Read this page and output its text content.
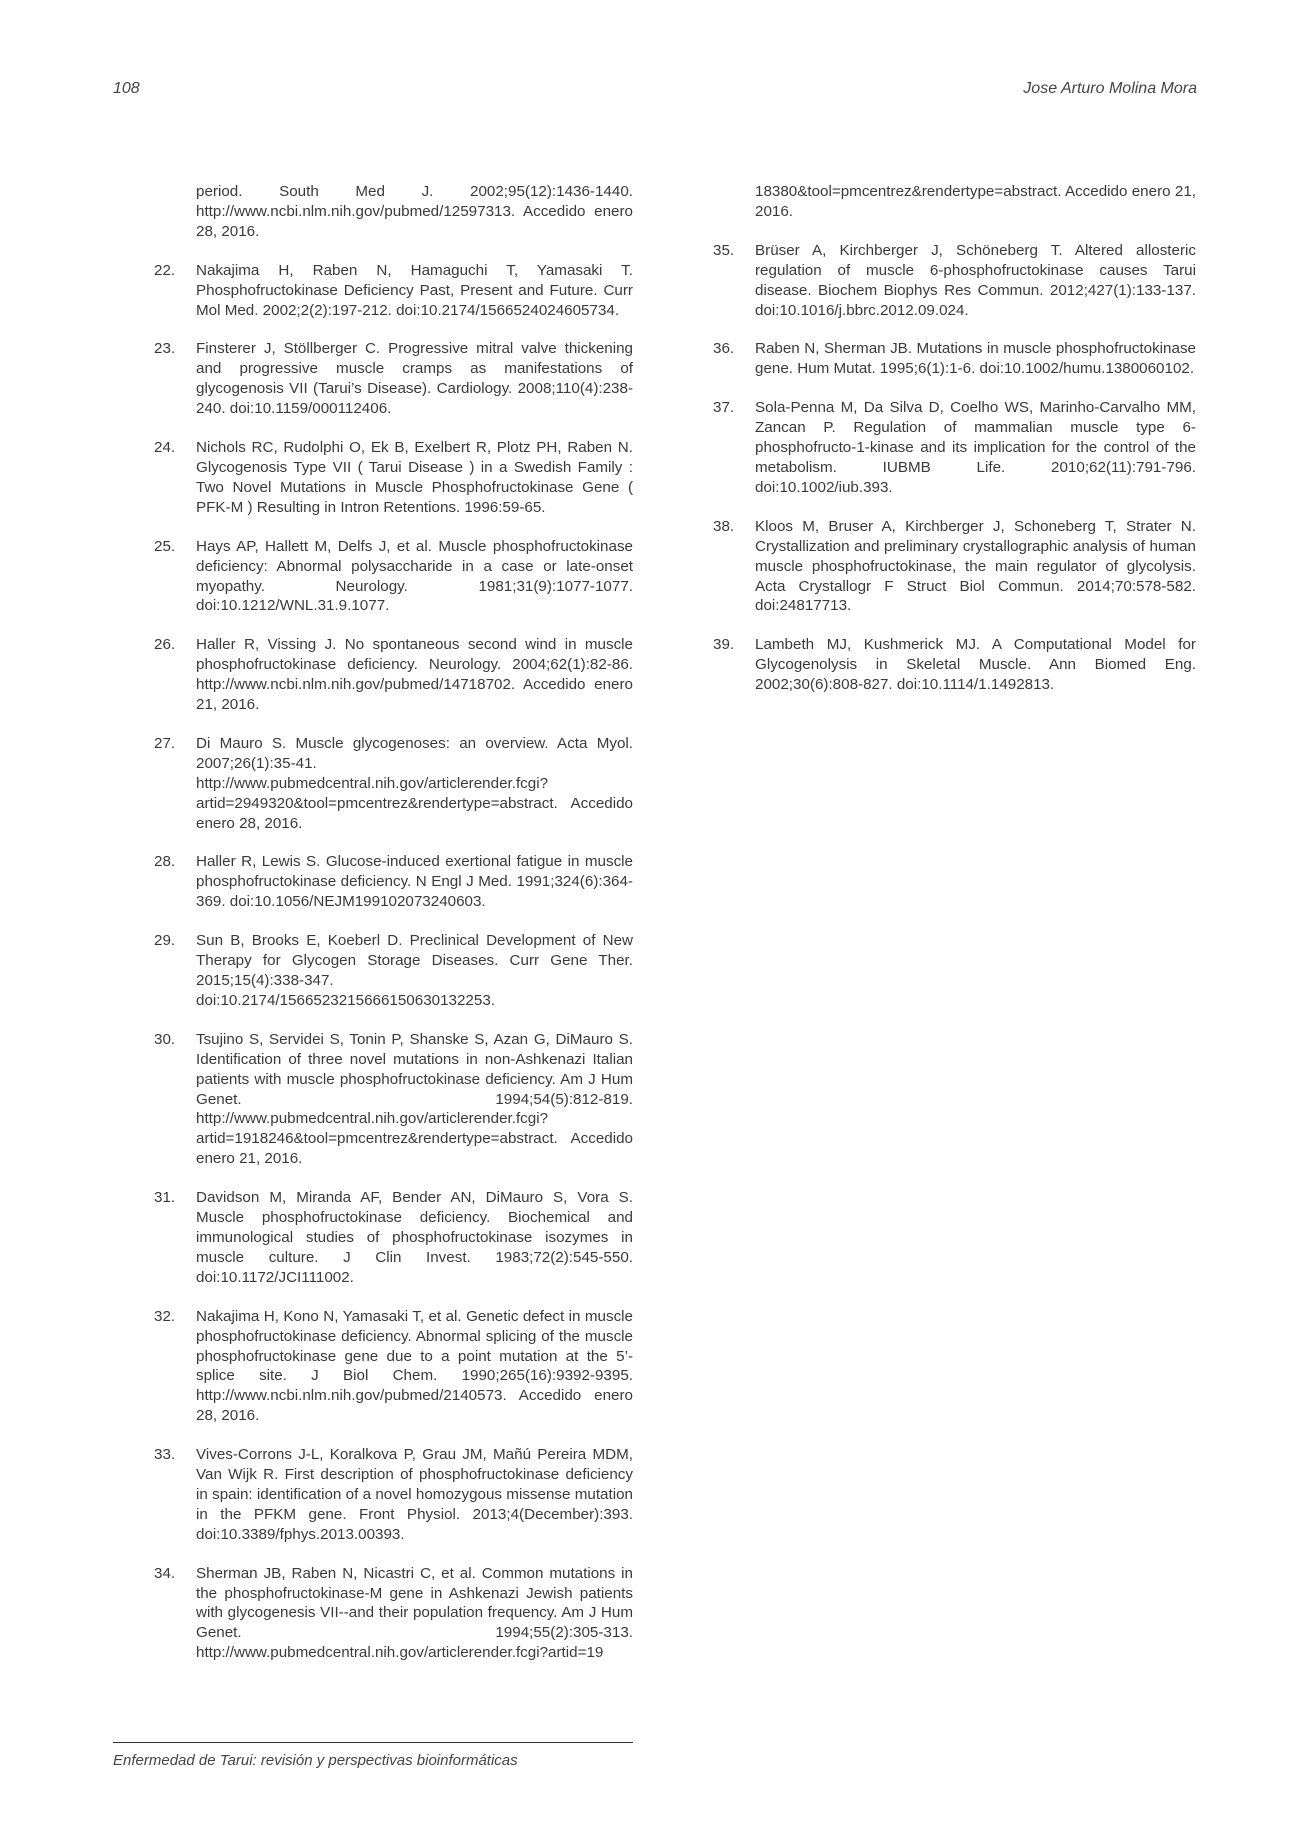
108	Jose Arturo Molina Mora
period. South Med J. 2002;95(12):1436-1440. http://www.ncbi.nlm.nih.gov/pubmed/12597313. Accedido enero 28, 2016.
22.	Nakajima H, Raben N, Hamaguchi T, Yamasaki T. Phosphofructokinase Deficiency Past, Present and Future. Curr Mol Med. 2002;2(2):197-212. doi:10.2174/1566524024605734.
23.	Finsterer J, Stöllberger C. Progressive mitral valve thickening and progressive muscle cramps as manifestations of glycogenosis VII (Tarui’s Disease). Cardiology. 2008;110(4):238-240. doi:10.1159/000112406.
24.	Nichols RC, Rudolphi O, Ek B, Exelbert R, Plotz PH, Raben N. Glycogenosis Type VII ( Tarui Disease ) in a Swedish Family : Two Novel Mutations in Muscle Phosphofructokinase Gene ( PFK-M ) Resulting in Intron Retentions. 1996:59-65.
25.	Hays AP, Hallett M, Delfs J, et al. Muscle phosphofructokinase deficiency: Abnormal polysaccharide in a case or late-onset myopathy. Neurology. 1981;31(9):1077-1077. doi:10.1212/WNL.31.9.1077.
26.	Haller R, Vissing J. No spontaneous second wind in muscle phosphofructokinase deficiency. Neurology. 2004;62(1):82-86. http://www.ncbi.nlm.nih.gov/pubmed/14718702. Accedido enero 21, 2016.
27.	Di Mauro S. Muscle glycogenoses: an overview. Acta Myol. 2007;26(1):35-41. http://www.pubmedcentral.nih.gov/articlerender.fcgi?artid=2949320&tool=pmcentrez&rendertype=abstract. Accedido enero 28, 2016.
28.	Haller R, Lewis S. Glucose-induced exertional fatigue in muscle phosphofructokinase deficiency. N Engl J Med. 1991;324(6):364-369. doi:10.1056/NEJM199102073240603.
29.	Sun B, Brooks E, Koeberl D. Preclinical Development of New Therapy for Glycogen Storage Diseases. Curr Gene Ther. 2015;15(4):338-347. doi:10.2174/1566523215666150630132253.
30.	Tsujino S, Servidei S, Tonin P, Shanske S, Azan G, DiMauro S. Identification of three novel mutations in non-Ashkenazi Italian patients with muscle phosphofructokinase deficiency. Am J Hum Genet. 1994;54(5):812-819. http://www.pubmedcentral.nih.gov/articlerender.fcgi?artid=1918246&tool=pmcentrez&rendertype=abstract. Accedido enero 21, 2016.
31.	Davidson M, Miranda AF, Bender AN, DiMauro S, Vora S. Muscle phosphofructokinase deficiency. Biochemical and immunological studies of phosphofructokinase isozymes in muscle culture. J Clin Invest. 1983;72(2):545-550. doi:10.1172/JCI111002.
32.	Nakajima H, Kono N, Yamasaki T, et al. Genetic defect in muscle phosphofructokinase deficiency. Abnormal splicing of the muscle phosphofructokinase gene due to a point mutation at the 5’-splice site. J Biol Chem. 1990;265(16):9392-9395. http://www.ncbi.nlm.nih.gov/pubmed/2140573. Accedido enero 28, 2016.
33.	Vives-Corrons J-L, Koralkova P, Grau JM, Mañú Pereira MDM, Van Wijk R. First description of phosphofructokinase deficiency in spain: identification of a novel homozygous missense mutation in the PFKM gene. Front Physiol. 2013;4(December):393. doi:10.3389/fphys.2013.00393.
34.	Sherman JB, Raben N, Nicastri C, et al. Common mutations in the phosphofructokinase-M gene in Ashkenazi Jewish patients with glycogenesis VII--and their population frequency. Am J Hum Genet. 1994;55(2):305-313. http://www.pubmedcentral.nih.gov/articlerender.fcgi?artid=19
18380&tool=pmcentrez&rendertype=abstract. Accedido enero 21, 2016.
35.	Brüser A, Kirchberger J, Schöneberg T. Altered allosteric regulation of muscle 6-phosphofructokinase causes Tarui disease. Biochem Biophys Res Commun. 2012;427(1):133-137. doi:10.1016/j.bbrc.2012.09.024.
36.	Raben N, Sherman JB. Mutations in muscle phosphofructokinase gene. Hum Mutat. 1995;6(1):1-6. doi:10.1002/humu.1380060102.
37.	Sola-Penna M, Da Silva D, Coelho WS, Marinho-Carvalho MM, Zancan P. Regulation of mammalian muscle type 6-phosphofructo-1-kinase and its implication for the control of the metabolism. IUBMB Life. 2010;62(11):791-796. doi:10.1002/iub.393.
38.	Kloos M, Bruser A, Kirchberger J, Schoneberg T, Strater N. Crystallization and preliminary crystallographic analysis of human muscle phosphofructokinase, the main regulator of glycolysis. Acta Crystallogr F Struct Biol Commun. 2014;70:578-582. doi:24817713.
39.	Lambeth MJ, Kushmerick MJ. A Computational Model for Glycogenolysis in Skeletal Muscle. Ann Biomed Eng. 2002;30(6):808-827. doi:10.1114/1.1492813.
Enfermedad de Tarui: revisión y perspectivas bioinformáticas
